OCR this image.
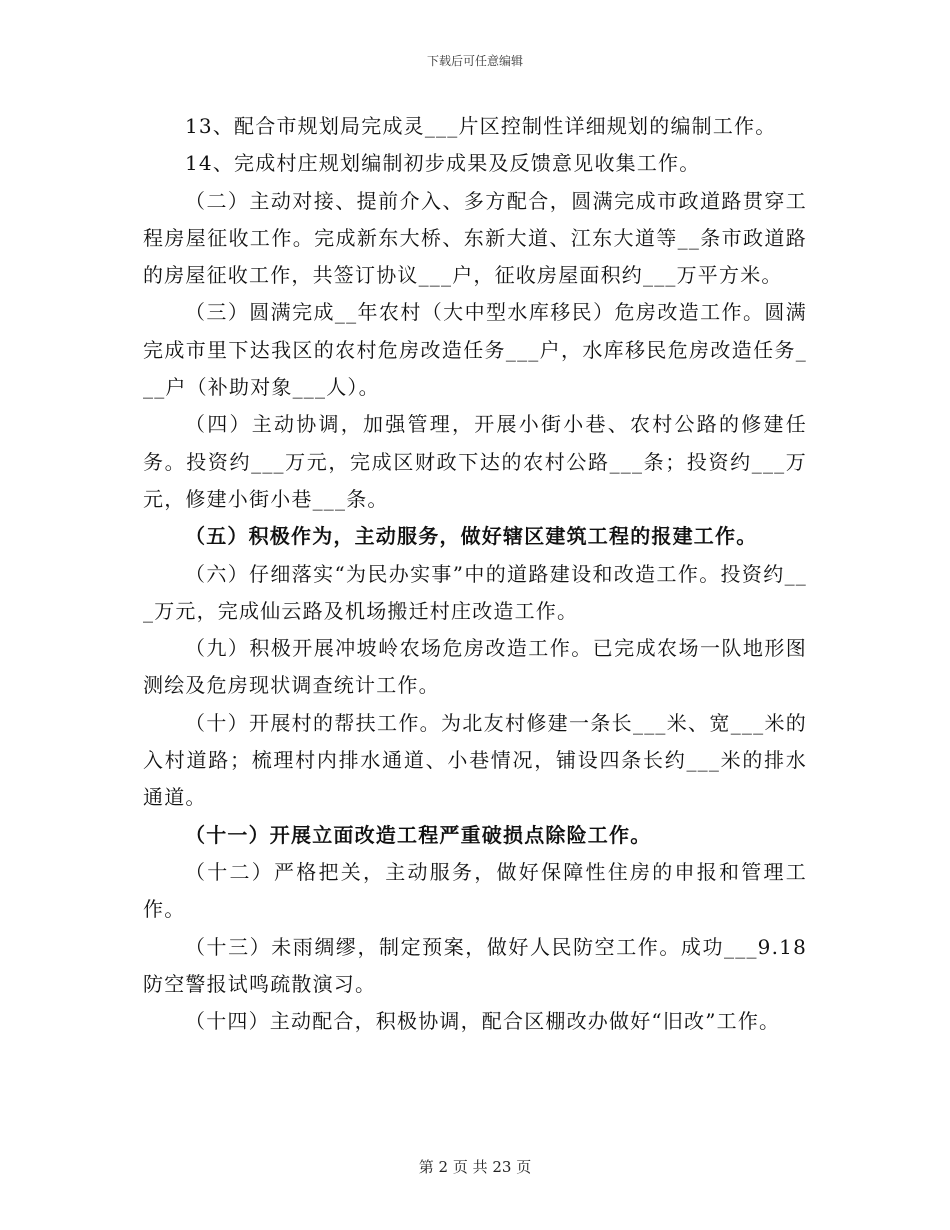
下载后可任意编辑

13、配合市规划局完成灵___片区控制性详细规划的编制工作。

14、完成村庄规划编制初步成果及反馈意见收集工作。

（二）主动对接、提前介入、多方配合，圆满完成市政道路贯穿工程房屋征收工作。完成新东大桥、东新大道、江东大道等__条市政道路的房屋征收工作，共签订协议___户，征收房屋面积约___万平方米。

（三）圆满完成__年农村（大中型水库移民）危房改造工作。圆满完成市里下达我区的农村危房改造任务___户，水库移民危房改造任务___户（补助对象___人）。

（四）主动协调，加强管理，开展小街小巷、农村公路的修建任务。投资约___万元，完成区财政下达的农村公路___条；投资约___万元，修建小街小巷___条。

（五）积极作为，主动服务，做好辖区建筑工程的报建工作。

（六）仔细落实“为民办实事”中的道路建设和改造工作。投资约___万元，完成仙云路及机场搬迁村庄改造工作。

（九）积极开展冲坡岭农场危房改造工作。已完成农场一队地形图测绘及危房现状调查统计工作。

（十）开展村的帮扶工作。为北友村修建一条长___米、宽___米的入村道路；梳理村内排水通道、小巷情况，铺设四条长约___米的排水通道。

（十一）开展立面改造工程严重破损点除险工作。

（十二）严格把关，主动服务，做好保障性住房的申报和管理工作。

（十三）未雨绸缪，制定预案，做好人民防空工作。成功___9.18防空警报试鸣疏散演习。

（十四）主动配合，积极协调，配合区棚改办做好“旧改”工作。

第 2 页 共 23 页
